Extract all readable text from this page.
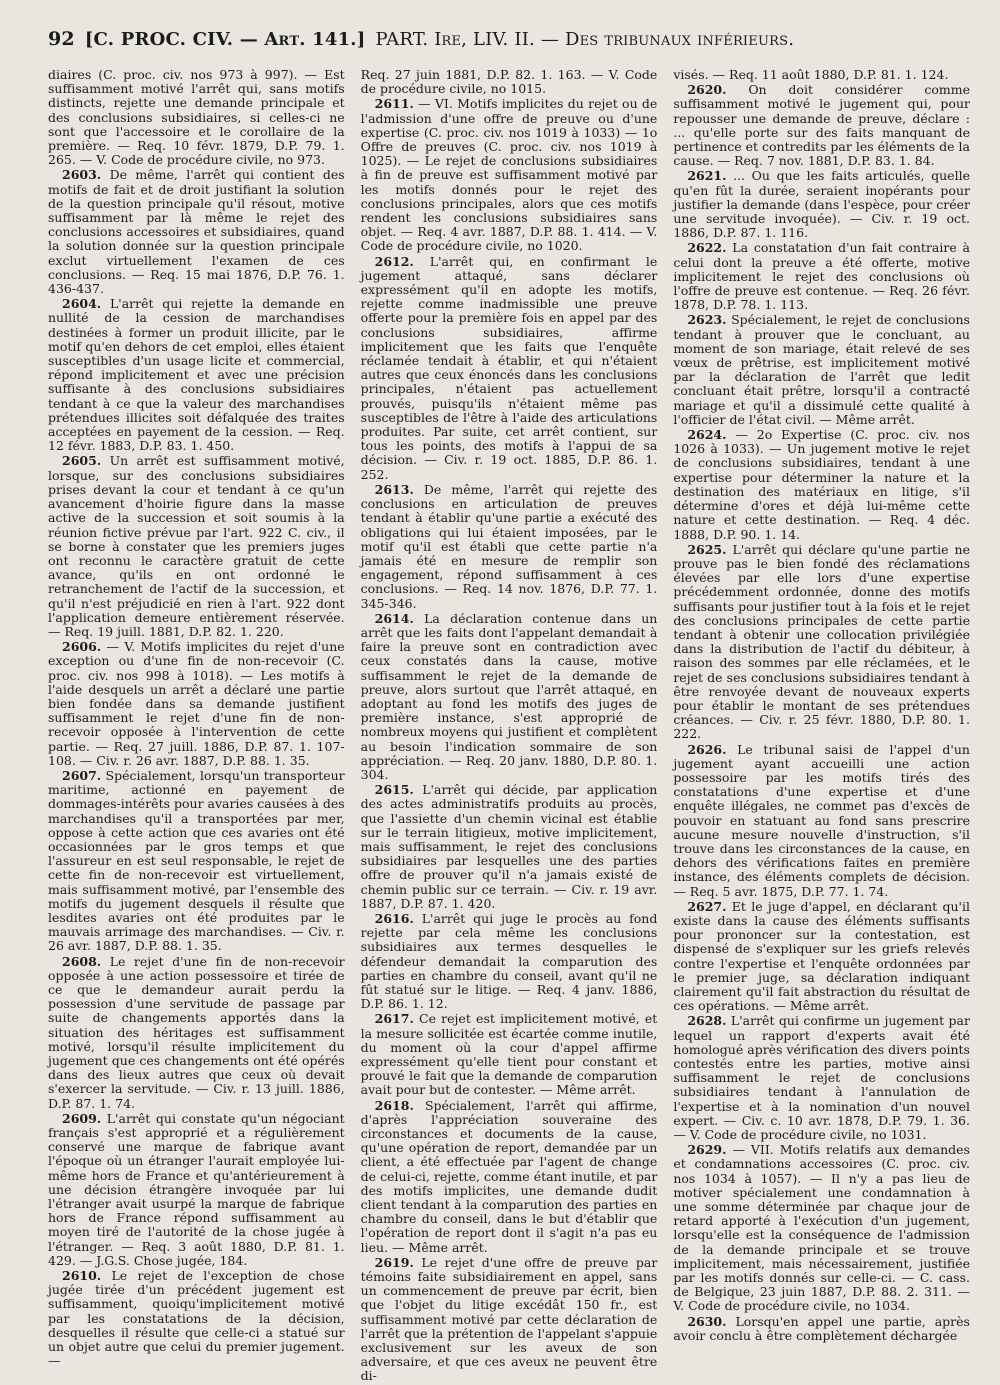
92 [C. PROC. CIV. — Art. 141.] PART. Ire, LIV. II. — Des tribunaux inférieurs.

diaires (C. proc. civ. nos 973 à 997). — Est suffisamment motivé l'arrêt qui, sans motifs distincts, rejette une demande principale et des conclusions subsidiaires, si celles-ci ne sont que l'accessoire et le corollaire de la première. — Req. 10 févr. 1879, D.P. 79. 1. 265. — V. Code de procédure civile, no 973.

2603. De même, l'arrêt qui contient des motifs de fait et de droit justifiant la solution de la question principale qu'il résout, motive suffisamment par là même le rejet des conclusions accessoires et subsidiaires, quand la solution donnée sur la question principale exclut virtuellement l'examen de ces conclusions. — Req. 15 mai 1876, D.P. 76. 1. 436-437.

2604. L'arrêt qui rejette la demande en nullité de la cession de marchandises destinées à former un produit illicite, par le motif qu'en dehors de cet emploi, elles étaient susceptibles d'un usage licite et commercial, répond implicitement et avec une précision suffisante à des conclusions subsidiaires tendant à ce que la valeur des marchandises prétendues illicites soit défalquée des traites acceptées en payement de la cession. — Req. 12 févr. 1883, D.P. 83. 1. 450.

2605. Un arrêt est suffisamment motivé, lorsque, sur des conclusions subsidiaires prises devant la cour et tendant à ce qu'un avancement d'hoirie figure dans la masse active de la succession et soit soumis à la réunion fictive prévue par l'art. 922 C. civ., il se borne à constater que les premiers juges ont reconnu le caractère gratuit de cette avance, qu'ils en ont ordonné le retranchement de l'actif de la succession, et qu'il n'est préjudicié en rien à l'art. 922 dont l'application demeure entièrement réservée. — Req. 19 juill. 1881, D.P. 82. 1. 220.

2606. — V. Motifs implicites du rejet d'une exception ou d'une fin de non-recevoir (C. proc. civ. nos 998 à 1018). — Les motifs à l'aide desquels un arrêt a déclaré une partie bien fondée dans sa demande justifient suffisamment le rejet d'une fin de non-recevoir opposée à l'intervention de cette partie. — Req. 27 juill. 1886, D.P. 87. 1. 107-108. — Civ. r. 26 avr. 1887, D.P. 88. 1. 35.

2607. Spécialement, lorsqu'un transporteur maritime, actionné en payement de dommages-intérêts pour avaries causées à des marchandises qu'il a transportées par mer, oppose à cette action que ces avaries ont été occasionnées par le gros temps et que l'assureur en est seul responsable, le rejet de cette fin de non-recevoir est virtuellement, mais suffisamment motivé, par l'ensemble des motifs du jugement desquels il résulte que lesdites avaries ont été produites par le mauvais arrimage des marchandises. — Civ. r. 26 avr. 1887, D.P. 88. 1. 35.

2608. Le rejet d'une fin de non-recevoir opposée à une action possessoire et tirée de ce que le demandeur aurait perdu la possession d'une servitude de passage par suite de changements apportés dans la situation des héritages est suffisamment motivé, lorsqu'il résulte implicitement du jugement que ces changements ont été opérés dans des lieux autres que ceux où devait s'exercer la servitude. — Civ. r. 13 juill. 1886, D.P. 87. 1. 74.

2609. L'arrêt qui constate qu'un négociant français s'est approprié et a régulièrement conservé une marque de fabrique avant l'époque où un étranger l'aurait employée lui-même hors de France et qu'antérieurement à une décision étrangère invoquée par lui l'étranger avait usurpé la marque de fabrique hors de France répond suffisamment au moyen tiré de l'autorité de la chose jugée à l'étranger. — Req. 3 août 1880, D.P. 81. 1. 429. — J.G.S. Chose jugée, 184.

2610. Le rejet de l'exception de chose jugée tirée d'un précédent jugement est suffisamment, quoiqu'implicitement motivé par les constatations de la décision, desquelles il résulte que celle-ci a statué sur un objet autre que celui du premier jugement. —

Req. 27 juin 1881, D.P. 82. 1. 163. — V. Code de procédure civile, no 1015.

2611. — VI. Motifs implicites du rejet ou de l'admission d'une offre de preuve ou d'une expertise (C. proc. civ. nos 1019 à 1033) — 1o Offre de preuves (C. proc. civ. nos 1019 à 1025). — Le rejet de conclusions subsidiaires à fin de preuve est suffisamment motivé par les motifs donnés pour le rejet des conclusions principales, alors que ces motifs rendent les conclusions subsidiaires sans objet. — Req. 4 avr. 1887, D.P. 88. 1. 414. — V. Code de procédure civile, no 1020.

2612. L'arrêt qui, en confirmant le jugement attaqué, sans déclarer expressément qu'il en adopte les motifs, rejette comme inadmissible une preuve offerte pour la première fois en appel par des conclusions subsidiaires, affirme implicitement que les faits que l'enquête réclamée tendait à établir, et qui n'étaient autres que ceux énoncés dans les conclusions principales, n'étaient pas actuellement prouvés, puisqu'ils n'étaient même pas susceptibles de l'être à l'aide des articulations produites. Par suite, cet arrêt contient, sur tous les points, des motifs à l'appui de sa décision. — Civ. r. 19 oct. 1885, D.P. 86. 1. 252.

2613. De même, l'arrêt qui rejette des conclusions en articulation de preuves tendant à établir qu'une partie a exécuté des obligations qui lui étaient imposées, par le motif qu'il est établi que cette partie n'a jamais été en mesure de remplir son engagement, répond suffisamment à ces conclusions. — Req. 14 nov. 1876, D.P. 77. 1. 345-346.

2614. La déclaration contenue dans un arrêt que les faits dont l'appelant demandait à faire la preuve sont en contradiction avec ceux constatés dans la cause, motive suffisamment le rejet de la demande de preuve, alors surtout que l'arrêt attaqué, en adoptant au fond les motifs des juges de première instance, s'est approprié de nombreux moyens qui justifient et complètent au besoin l'indication sommaire de son appréciation. — Req. 20 janv. 1880, D.P. 80. 1. 304.

2615. L'arrêt qui décide, par application des actes administratifs produits au procès, que l'assiette d'un chemin vicinal est établie sur le terrain litigieux, motive implicitement, mais suffisamment, le rejet des conclusions subsidiaires par lesquelles une des parties offre de prouver qu'il n'a jamais existé de chemin public sur ce terrain. — Civ. r. 19 avr. 1887, D.P. 87. 1. 420.

2616. L'arrêt qui juge le procès au fond rejette par cela même les conclusions subsidiaires aux termes desquelles le défendeur demandait la comparution des parties en chambre du conseil, avant qu'il ne fût statué sur le litige. — Req. 4 janv. 1886, D.P. 86. 1. 12.

2617. Ce rejet est implicitement motivé, et la mesure sollicitée est écartée comme inutile, du moment où la cour d'appel affirme expressément qu'elle tient pour constant et prouvé le fait que la demande de comparution avait pour but de contester. — Même arrêt.

2618. Spécialement, l'arrêt qui affirme, d'après l'appréciation souveraine des circonstances et documents de la cause, qu'une opération de report, demandée par un client, a été effectuée par l'agent de change de celui-ci, rejette, comme étant inutile, et par des motifs implicites, une demande dudit client tendant à la comparution des parties en chambre du conseil, dans le but d'établir que l'opération de report dont il s'agit n'a pas eu lieu. — Même arrêt.

2619. Le rejet d'une offre de preuve par témoins faite subsidiairement en appel, sans un commencement de preuve par écrit, bien que l'objet du litige excédât 150 fr., est suffisamment motivé par cette déclaration de l'arrêt que la prétention de l'appelant s'appuie exclusivement sur les aveux de son adversaire, et que ces aveux ne peuvent être di-

visés. — Req. 11 août 1880, D.P. 81. 1. 124.

2620. On doit considérer comme suffisamment motivé le jugement qui, pour repousser une demande de preuve, déclare : ... qu'elle porte sur des faits manquant de pertinence et contredits par les éléments de la cause. — Req. 7 nov. 1881, D.P. 83. 1. 84.

2621. ... Ou que les faits articulés, quelle qu'en fût la durée, seraient inopérants pour justifier la demande (dans l'espèce, pour créer une servitude invoquée). — Civ. r. 19 oct. 1886, D.P. 87. 1. 116.

2622. La constatation d'un fait contraire à celui dont la preuve a été offerte, motive implicitement le rejet des conclusions où l'offre de preuve est contenue. — Req. 26 févr. 1878, D.P. 78. 1. 113.

2623. Spécialement, le rejet de conclusions tendant à prouver que le concluant, au moment de son mariage, était relevé de ses vœux de prêtrise, est implicitement motivé par la déclaration de l'arrêt que ledit concluant était prêtre, lorsqu'il a contracté mariage et qu'il a dissimulé cette qualité à l'officier de l'état civil. — Même arrêt.

2624. — 2o Expertise (C. proc. civ. nos 1026 à 1033). — Un jugement motive le rejet de conclusions subsidiaires, tendant à une expertise pour déterminer la nature et la destination des matériaux en litige, s'il détermine d'ores et déjà lui-même cette nature et cette destination. — Req. 4 déc. 1888, D.P. 90. 1. 14.

2625. L'arrêt qui déclare qu'une partie ne prouve pas le bien fondé des réclamations élevées par elle lors d'une expertise précédemment ordonnée, donne des motifs suffisants pour justifier tout à la fois et le rejet des conclusions principales de cette partie tendant à obtenir une collocation privilégiée dans la distribution de l'actif du débiteur, à raison des sommes par elle réclamées, et le rejet de ses conclusions subsidiaires tendant à être renvoyée devant de nouveaux experts pour établir le montant de ses prétendues créances. — Civ. r. 25 févr. 1880, D.P. 80. 1. 222.

2626. Le tribunal saisi de l'appel d'un jugement ayant accueilli une action possessoire par les motifs tirés des constatations d'une expertise et d'une enquête illégales, ne commet pas d'excès de pouvoir en statuant au fond sans prescrire aucune mesure nouvelle d'instruction, s'il trouve dans les circonstances de la cause, en dehors des vérifications faites en première instance, des éléments complets de décision. — Req. 5 avr. 1875, D.P. 77. 1. 74.

2627. Et le juge d'appel, en déclarant qu'il existe dans la cause des éléments suffisants pour prononcer sur la contestation, est dispensé de s'expliquer sur les griefs relevés contre l'expertise et l'enquête ordonnées par le premier juge, sa déclaration indiquant clairement qu'il fait abstraction du résultat de ces opérations. — Même arrêt.

2628. L'arrêt qui confirme un jugement par lequel un rapport d'experts avait été homologué après vérification des divers points contestés entre les parties, motive ainsi suffisamment le rejet de conclusions subsidiaires tendant à l'annulation de l'expertise et à la nomination d'un nouvel expert. — Civ. c. 10 avr. 1878, D.P. 79. 1. 36. — V. Code de procédure civile, no 1031.

2629. — VII. Motifs relatifs aux demandes et condamnations accessoires (C. proc. civ. nos 1034 à 1057). — Il n'y a pas lieu de motiver spécialement une condamnation à une somme déterminée par chaque jour de retard apporté à l'exécution d'un jugement, lorsqu'elle est la conséquence de l'admission de la demande principale et se trouve implicitement, mais nécessairement, justifiée par les motifs donnés sur celle-ci. — C. cass. de Belgique, 23 juin 1887, D.P. 88. 2. 311. — V. Code de procédure civile, no 1034.

2630. Lorsqu'en appel une partie, après avoir conclu à être complètement déchargée
